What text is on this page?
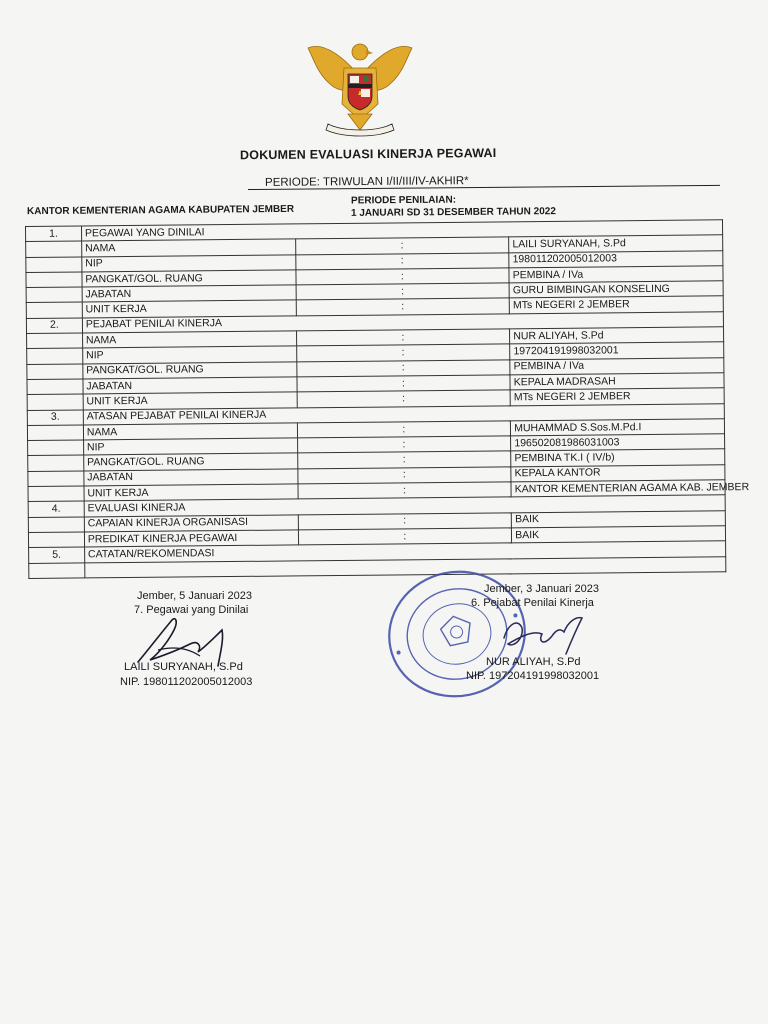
DOKUMEN EVALUASI KINERJA PEGAWAI
PERIODE: TRIWULAN I/II/III/IV-AKHIR*
KANTOR KEMENTERIAN AGAMA KABUPATEN JEMBER
PERIODE PENILAIAN:
1 JANUARI SD 31 DESEMBER TAHUN 2022
1.	PEGAWAI YANG DINILAI		
	NAMA	:	LAILI SURYANAH, S.Pd
	NIP	:	198011202005012003
	PANGKAT/GOL. RUANG	:	PEMBINA / IVa
	JABATAN	:	GURU BIMBINGAN KONSELING
	UNIT KERJA	:	MTs NEGERI 2 JEMBER
2.	PEJABAT PENILAI KINERJA		
	NAMA	:	NUR ALIYAH, S.Pd
	NIP	:	197204191998032001
	PANGKAT/GOL. RUANG	:	PEMBINA / IVa
	JABATAN	:	KEPALA MADRASAH
	UNIT KERJA	:	MTs NEGERI 2 JEMBER
3.	ATASAN PEJABAT PENILAI KINERJA		
	NAMA	:	MUHAMMAD S.Sos.M.Pd.I
	NIP	:	196502081986031003
	PANGKAT/GOL. RUANG	:	PEMBINA TK.I ( IV/b)
	JABATAN	:	KEPALA KANTOR
	UNIT KERJA	:	KANTOR KEMENTERIAN AGAMA KAB. JEMBER
4.	EVALUASI KINERJA		
	CAPAIAN KINERJA ORGANISASI	:	BAIK
	PREDIKAT KINERJA PEGAWAI	:	BAIK
5.	CATATAN/REKOMENDASI		

Jember, 5 Januari 2023
7. Pegawai yang Dinilai
LAILI SURYANAH, S.Pd
NIP. 198011202005012003
Jember, 3 Januari 2023
6. Pejabat Penilai Kinerja
NUR ALIYAH, S.Pd
NIP. 197204191998032001
